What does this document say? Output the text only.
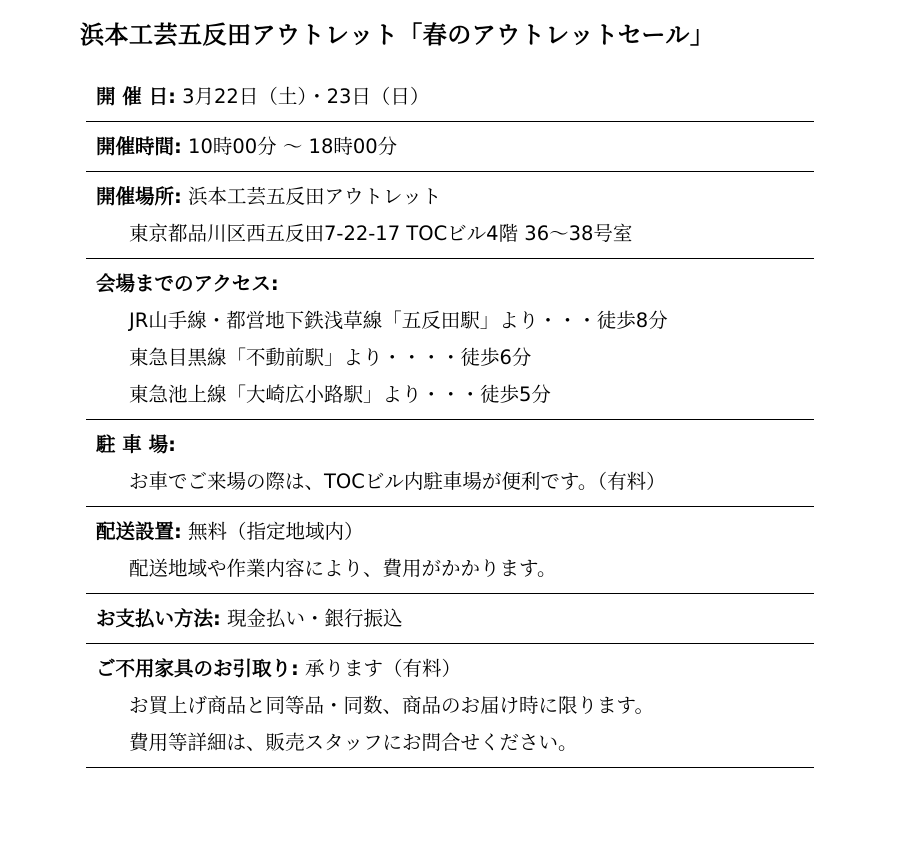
浜本工芸五反田アウトレット「春のアウトレットセール」
開 催 日: 3月22日（土）・23日（日）
開催時間: 10時00分 ～ 18時00分
開催場所: 浜本工芸五反田アウトレット
東京都品川区西五反田7-22-17 TOCビル4階 36～38号室
会場までのアクセス:
JR山手線・都営地下鉄浅草線「五反田駅」より・・・徒歩8分
東急目黒線「不動前駅」より・・・・徒歩6分
東急池上線「大崎広小路駅」より・・・徒歩5分
駐 車 場:
お車でご来場の際は、TOCビル内駐車場が便利です。（有料）
配送設置: 無料（指定地域内）
配送地域や作業内容により、費用がかかります。
お支払い方法: 現金払い・銀行振込
ご不用家具のお引取り: 承ります（有料）
お買上げ商品と同等品・同数、商品のお届け時に限ります。
費用等詳細は、販売スタッフにお問合せください。
